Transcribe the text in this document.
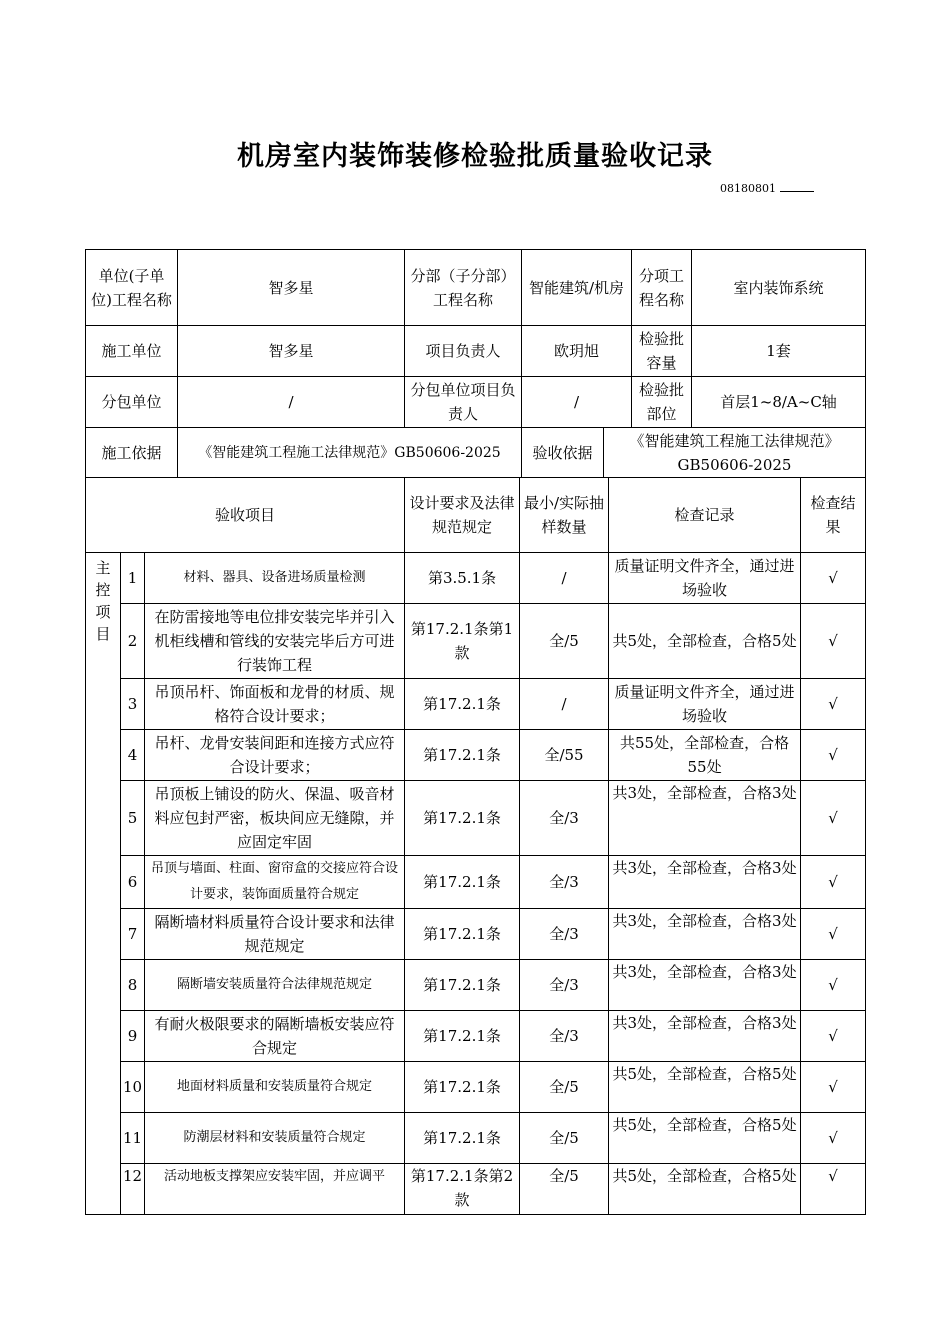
机房室内装饰装修检验批质量验收记录
08180801
单位(子单位)工程名称	智多星	分部（子分部）工程名称	智能建筑/机房		分项工程名称	室内装饰系统
施工单位	智多星	项目负责人	欧玥旭		检验批容量	1套
分包单位	/	分包单位项目负责人	/		检验批部位	首层1~8/A~C轴
施工依据	《智能建筑工程施工法律规范》GB50606-2025		验收依据	《智能建筑工程施工法律规范》GB50606-2025		
验收项目			设计要求及法律规范规定	最小/实际抽样数量	检查记录	检查结果

主
控
项
目	1	材料、器具、设备进场质量检测	第3.5.1条	/	质量证明文件齐全，通过进场验收	√
	2	在防雷接地等电位排安装完毕并引入机柜线槽和管线的安装完毕后方可进行装饰工程	第17.2.1条第1款	全/5	共5处，全部检查，合格5处	√
	3	吊顶吊杆、饰面板和龙骨的材质、规格符合设计要求；	第17.2.1条	/	质量证明文件齐全，通过进场验收	√
	4	吊杆、龙骨安装间距和连接方式应符合设计要求；	第17.2.1条	全/55	共55处，全部检查，合格55处	√
	5	吊顶板上铺设的防火、保温、吸音材料应包封严密，板块间应无缝隙，并应固定牢固	第17.2.1条	全/3	共3处，全部检查，合格3处	√
	6	吊顶与墙面、柱面、窗帘盒的交接应符合设计要求，装饰面质量符合规定	第17.2.1条	全/3	共3处，全部检查，合格3处	√
	7	隔断墙材料质量符合设计要求和法律规范规定	第17.2.1条	全/3	共3处，全部检查，合格3处	√
	8	隔断墙安装质量符合法律规范规定	第17.2.1条	全/3	共3处，全部检查，合格3处	√
	9	有耐火极限要求的隔断墙板安装应符合规定	第17.2.1条	全/3	共3处，全部检查，合格3处	√
	10	地面材料质量和安装质量符合规定	第17.2.1条	全/5	共5处，全部检查，合格5处	√
	11	防潮层材料和安装质量符合规定	第17.2.1条	全/5	共5处，全部检查，合格5处	√
	12	活动地板支撑架应安装牢固，并应调平	第17.2.1条第2款	全/5	共5处，全部检查，合格5处	√
